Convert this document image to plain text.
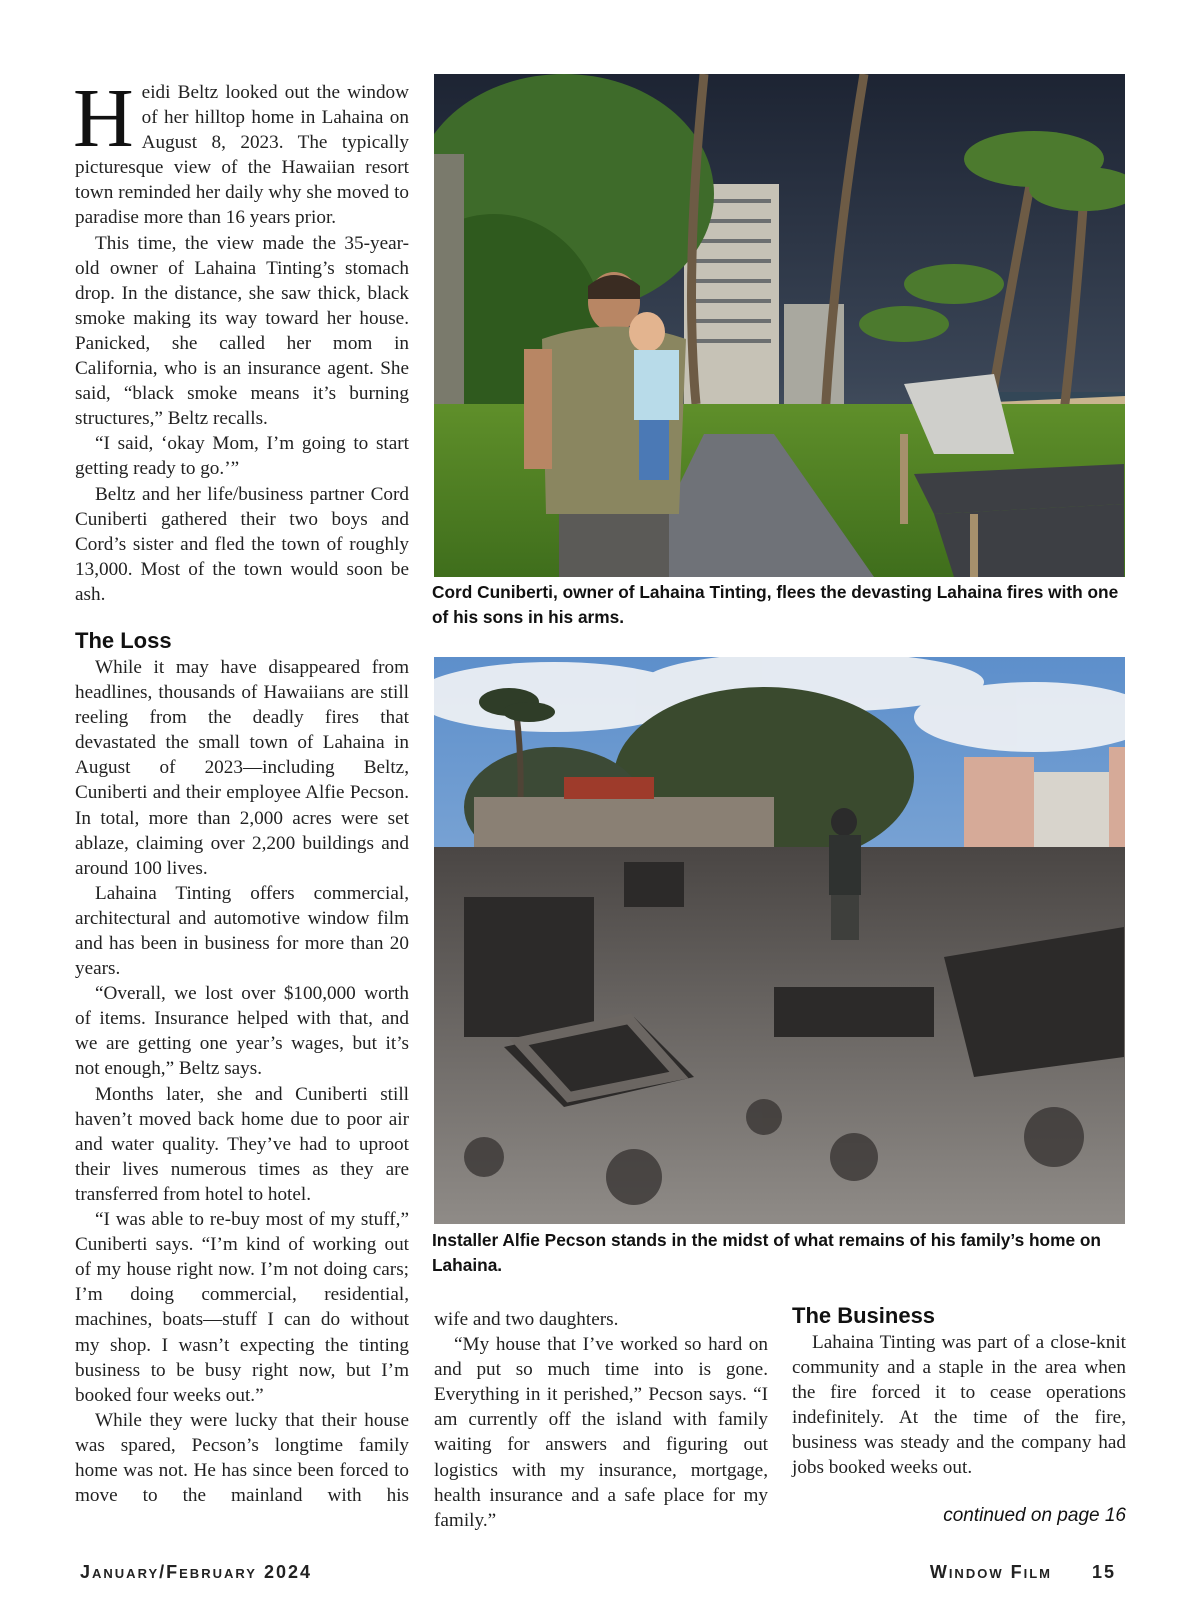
Heidi Beltz looked out the window of her hilltop home in Lahaina on August 8, 2023. The typically picturesque view of the Hawaiian resort town reminded her daily why she moved to paradise more than 16 years prior.

This time, the view made the 35-year-old owner of Lahaina Tinting’s stomach drop. In the distance, she saw thick, black smoke making its way toward her house. Panicked, she called her mom in California, who is an insurance agent. She said, “black smoke means it’s burning structures,” Beltz recalls.

“I said, ‘okay Mom, I’m going to start getting ready to go.’”

Beltz and her life/business partner Cord Cuniberti gathered their two boys and Cord’s sister and fled the town of roughly 13,000. Most of the town would soon be ash.

The Loss

While it may have disappeared from headlines, thousands of Hawaiians are still reeling from the deadly fires that devastated the small town of Lahaina in August of 2023—including Beltz, Cuniberti and their employee Alfie Pecson. In total, more than 2,000 acres were set ablaze, claiming over 2,200 buildings and around 100 lives.

Lahaina Tinting offers commercial, architectural and automotive window film and has been in business for more than 20 years.

“Overall, we lost over $100,000 worth of items. Insurance helped with that, and we are getting one year’s wages, but it’s not enough,” Beltz says.

Months later, she and Cuniberti still haven’t moved back home due to poor air and water quality. They’ve had to uproot their lives numerous times as they are transferred from hotel to hotel.

“I was able to re-buy most of my stuff,” Cuniberti says. “I’m kind of working out of my house right now. I’m not doing cars; I’m doing commercial, residential, machines, boats—stuff I can do without my shop. I wasn’t expecting the tinting business to be busy right now, but I’m booked four weeks out.”

While they were lucky that their house was spared, Pecson’s longtime family home was not. He has since been forced to move to the mainland with his

Cord Cuniberti, owner of Lahaina Tinting, flees the devasting Lahaina fires with one of his sons in his arms.

Installer Alfie Pecson stands in the midst of what remains of his family’s home on Lahaina.

wife and two daughters.

“My house that I’ve worked so hard on and put so much time into is gone. Everything in it perished,” Pecson says. “I am currently off the island with family waiting for answers and figuring out logistics with my insurance, mortgage, health insurance and a safe place for my family.”

The Business

Lahaina Tinting was part of a close-knit community and a staple in the area when the fire forced it to cease operations indefinitely. At the time of the fire, business was steady and the company had jobs booked weeks out.

continued on page 16
January/February 2024	Window Film 15
